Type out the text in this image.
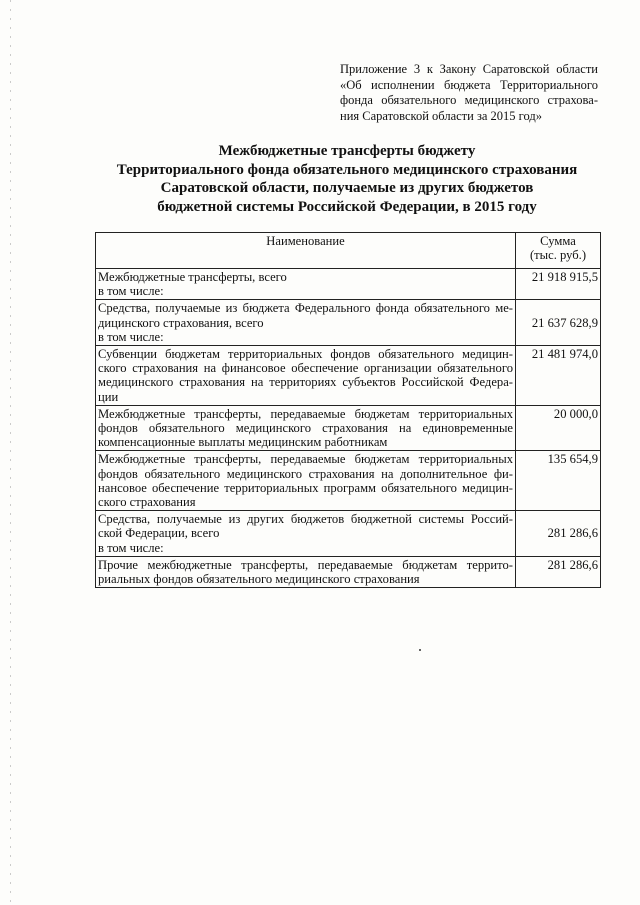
Приложение 3 к Закону Саратовской области
«Об исполнении бюджета Территориального
фонда обязательного медицинского страхова-
ния Саратовской области за 2015 год»
Межбюджетные трансферты бюджету
Территориального фонда обязательного медицинского страхования
Саратовской области, получаемые из других бюджетов
бюджетной системы Российской Федерации, в 2015 году
Наименование	Сумма
(тыс. руб.)

Межбюджетные трансферты, всего
в том числе:	21 918 915,5

Средства, получаемые из бюджета Федерального фонда обязательного ме-
дицинского страхования, всего
в том числе:	21 637 628,9

Субвенции бюджетам территориальных фондов обязательного медицин-
ского страхования на финансовое обеспечение организации обязательного
медицинского страхования на территориях субъектов Российской Федера-
ции	21 481 974,0

Межбюджетные трансферты, передаваемые бюджетам территориальных
фондов обязательного медицинского страхования на единовременные
компенсационные выплаты медицинским работникам	20 000,0

Межбюджетные трансферты, передаваемые бюджетам территориальных
фондов обязательного медицинского страхования на дополнительное фи-
нансовое обеспечение территориальных программ обязательного медицин-
ского страхования	135 654,9

Средства, получаемые из других бюджетов бюджетной системы Россий-
ской Федерации, всего
в том числе:	281 286,6

Прочие межбюджетные трансферты, передаваемые бюджетам террито-
риальных фондов обязательного медицинского страхования	281 286,6
